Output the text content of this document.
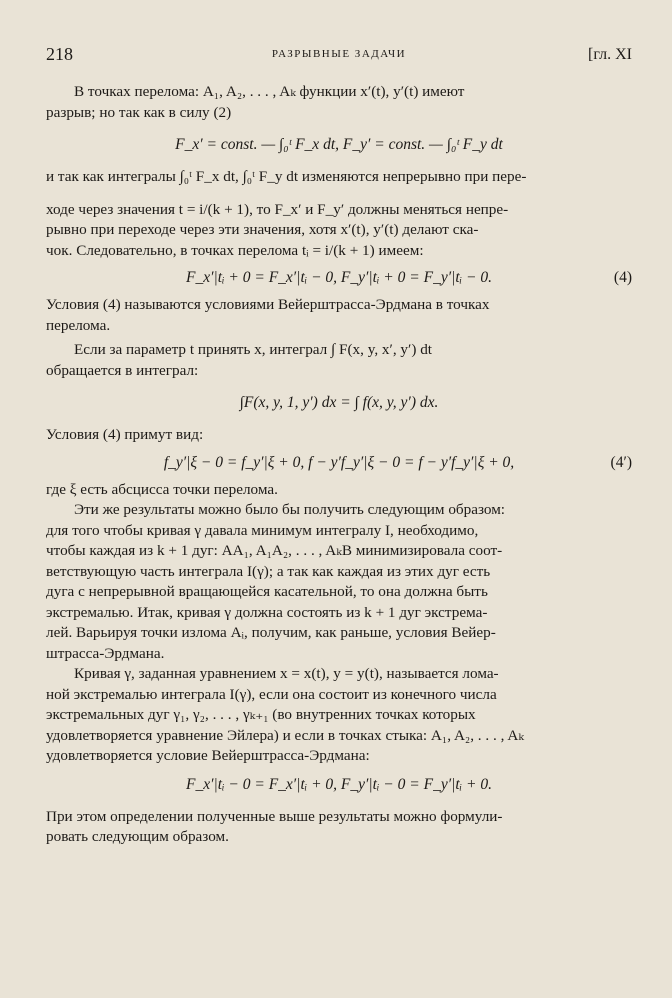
218	РАЗРЫВНЫЕ ЗАДАЧИ	[гл. XI

В точках перелома: A₁, A₂, . . . , Aₖ функции x′(t), y′(t) имеют

разрыв; но так как в силу (2)

F_x′ = const. — ∫₀ᵗ F_x dt, F_y′ = const. — ∫₀ᵗ F_y dt

и так как интегралы ∫₀ᵗ F_x dt, ∫₀ᵗ F_y dt изменяются непрерывно при пере-

ходе через значения t = i/(k + 1), то F_x′ и F_y′ должны меняться непре-

рывно при переходе через эти значения, хотя x′(t), y′(t) делают ска-

чок. Следовательно, в точках перелома tᵢ = i/(k + 1) имеем:

F_x′|tᵢ + 0 = F_x′|tᵢ − 0, F_y′|tᵢ + 0 = F_y′|tᵢ − 0.	(4)

Условия (4) называются условиями Вейерштрасса-Эрдмана в точках

перелома.

Если за параметр t принять x, интеграл ∫ F(x, y, x′, y′) dt

обращается в интеграл:

∫F(x, y, 1, y′) dx = ∫ f(x, y, y′) dx.

Условия (4) примут вид:

f_y′|ξ − 0 = f_y′|ξ + 0, f − y′f_y′|ξ − 0 = f − y′f_y′|ξ + 0,	(4′)

где ξ есть абсцисса точки перелома.

Эти же результаты можно было бы получить следующим образом:

для того чтобы кривая γ давала минимум интегралу I, необходимо,

чтобы каждая из k + 1 дуг: AA₁, A₁A₂, . . . , AₖB минимизировала соот-

ветствующую часть интеграла I(γ); а так как каждая из этих дуг есть

дуга с непрерывной вращающейся касательной, то она должна быть

экстремалью. Итак, кривая γ должна состоять из k + 1 дуг экстрема-

лей. Варьируя точки излома Aᵢ, получим, как раньше, условия Вейер-

штрасса-Эрдмана.

Кривая γ, заданная уравнением x = x(t), y = y(t), называется лома-

ной экстремалью интеграла I(γ), если она состоит из конечного числа

экстремальных дуг γ₁, γ₂, . . . , γₖ₊₁ (во внутренних точках которых

удовлетворяется уравнение Эйлера) и если в точках стыка: A₁, A₂, . . . , Aₖ

удовлетворяется условие Вейерштрасса-Эрдмана:

F_x′|tᵢ − 0 = F_x′|tᵢ + 0, F_y′|tᵢ − 0 = F_y′|tᵢ + 0.

При этом определении полученные выше результаты можно формули-

ровать следующим образом.
